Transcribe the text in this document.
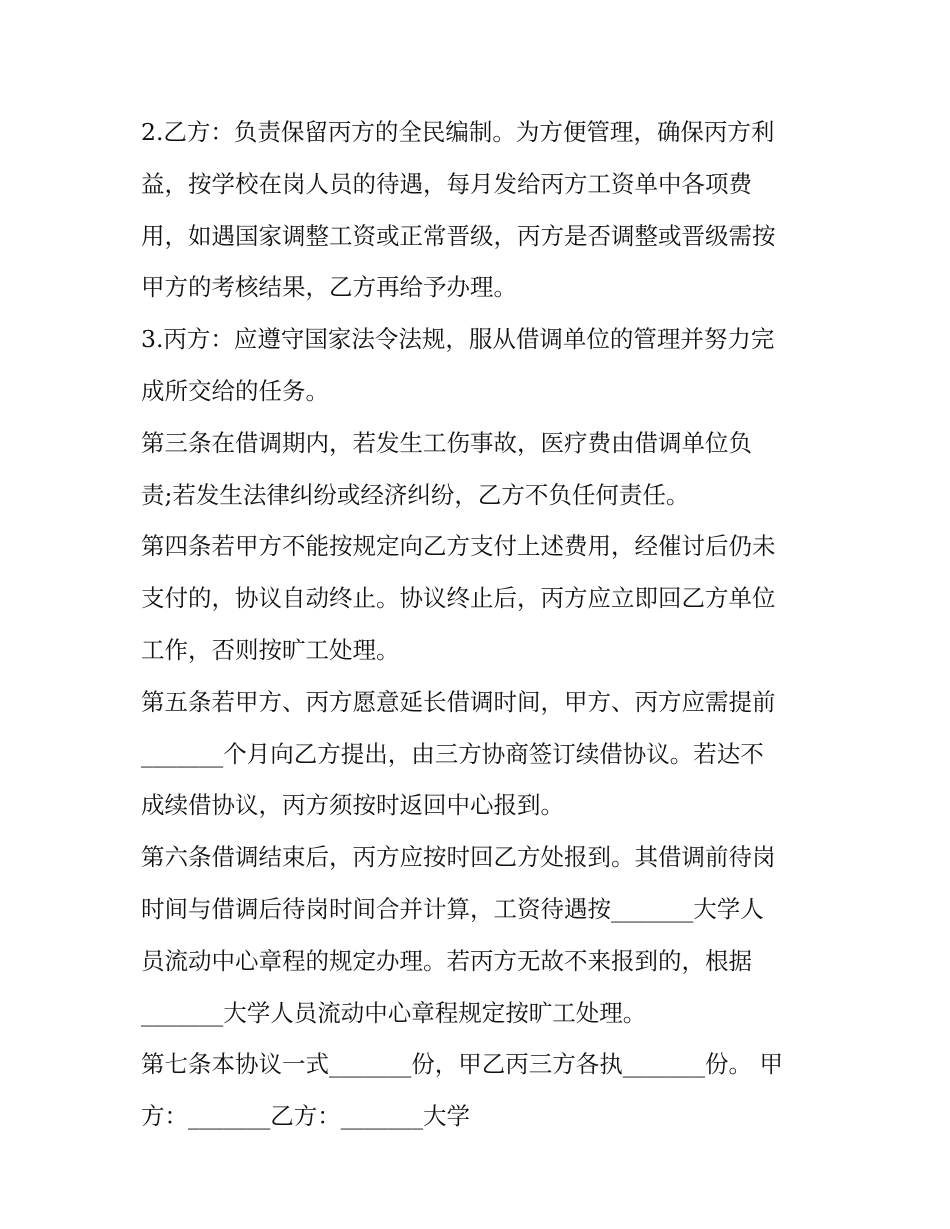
2.乙方：负责保留丙方的全民编制。为方便管理，确保丙方利
益，按学校在岗人员的待遇，每月发给丙方工资单中各项费
用，如遇国家调整工资或正常晋级，丙方是否调整或晋级需按
甲方的考核结果，乙方再给予办理。
3.丙方：应遵守国家法令法规，服从借调单位的管理并努力完
成所交给的任务。
第三条在借调期内，若发生工伤事故，医疗费由借调单位负
责;若发生法律纠纷或经济纠纷，乙方不负任何责任。
第四条若甲方不能按规定向乙方支付上述费用，经催讨后仍未
支付的，协议自动终止。协议终止后，丙方应立即回乙方单位
工作，否则按旷工处理。
第五条若甲方、丙方愿意延长借调时间，甲方、丙方应需提前
_______个月向乙方提出，由三方协商签订续借协议。若达不
成续借协议，丙方须按时返回中心报到。
第六条借调结束后，丙方应按时回乙方处报到。其借调前待岗
时间与借调后待岗时间合并计算，工资待遇按_______大学人
员流动中心章程的规定办理。若丙方无故不来报到的，根据
_______大学人员流动中心章程规定按旷工处理。
第七条本协议一式_______份，甲乙丙三方各执_______份。 甲
方：_______乙方：_______大学
